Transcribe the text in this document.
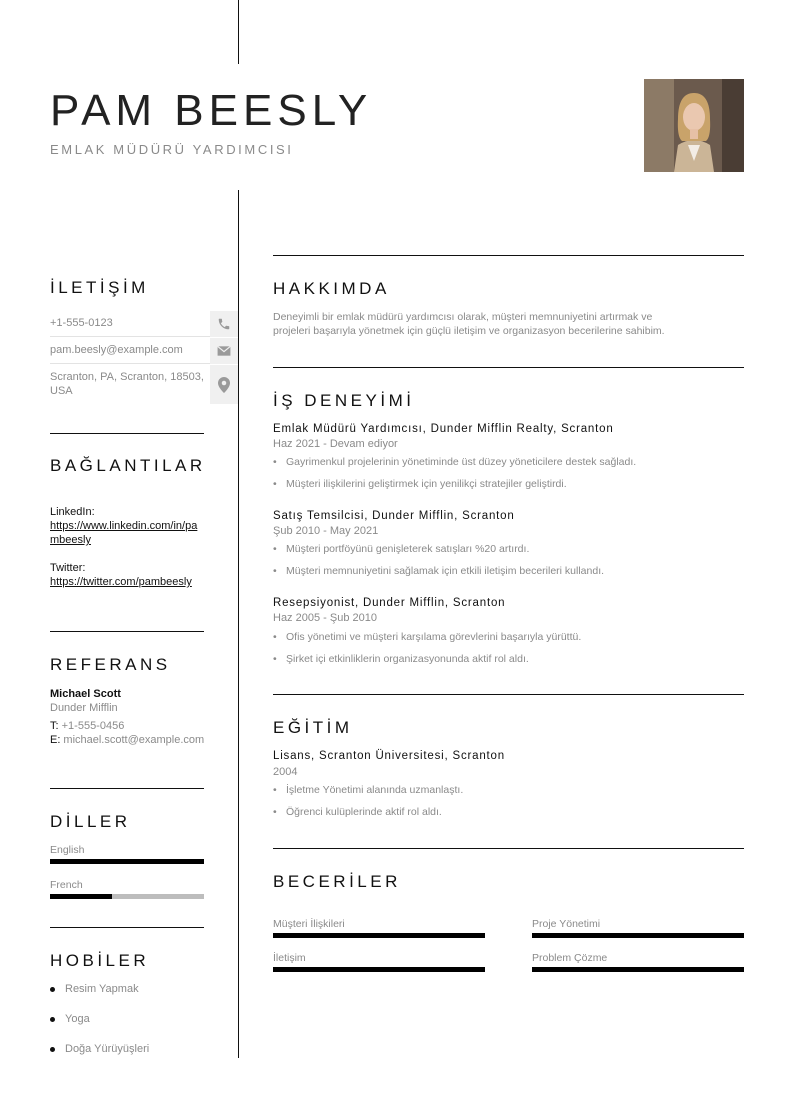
PAM BEESLY
EMLAK MÜDÜRÜ YARDIMCISI
İLETİŞİM
+1-555-0123
pam.beesly@example.com
Scranton, PA, Scranton, 18503, USA
BAĞLANTILAR
LinkedIn:
https://www.linkedin.com/in/pambeesly
Twitter:
https://twitter.com/pambeesly
REFERANS
Michael Scott
Dunder Mifflin
T: +1-555-0456
E: michael.scott@example.com
DİLLER
English
French
HOBİLER
Resim Yapmak
Yoga
Doğa Yürüyüşleri
HAKKIMDA
Deneyimli bir emlak müdürü yardımcısı olarak, müşteri memnuniyetini artırmak ve
projeleri başarıyla yönetmek için güçlü iletişim ve organizasyon becerilerine sahibim.
İŞ DENEYİMİ
Emlak Müdürü Yardımcısı, Dunder Mifflin Realty, Scranton
Haz 2021 - Devam ediyor
• Gayrimenkul projelerinin yönetiminde üst düzey yöneticilere destek sağladı.
• Müşteri ilişkilerini geliştirmek için yenilikçi stratejiler geliştirdi.
Satış Temsilcisi, Dunder Mifflin, Scranton
Şub 2010 - May 2021
• Müşteri portföyünü genişleterek satışları %20 artırdı.
• Müşteri memnuniyetini sağlamak için etkili iletişim becerileri kullandı.
Resepsiyonist, Dunder Mifflin, Scranton
Haz 2005 - Şub 2010
• Ofis yönetimi ve müşteri karşılama görevlerini başarıyla yürüttü.
• Şirket içi etkinliklerin organizasyonunda aktif rol aldı.
EĞİTİM
Lisans, Scranton Üniversitesi, Scranton
2004
• İşletme Yönetimi alanında uzmanlaştı.
• Öğrenci kulüplerinde aktif rol aldı.
BECERİLER
Müşteri İlişkileri	Proje Yönetimi
İletişim	Problem Çözme
